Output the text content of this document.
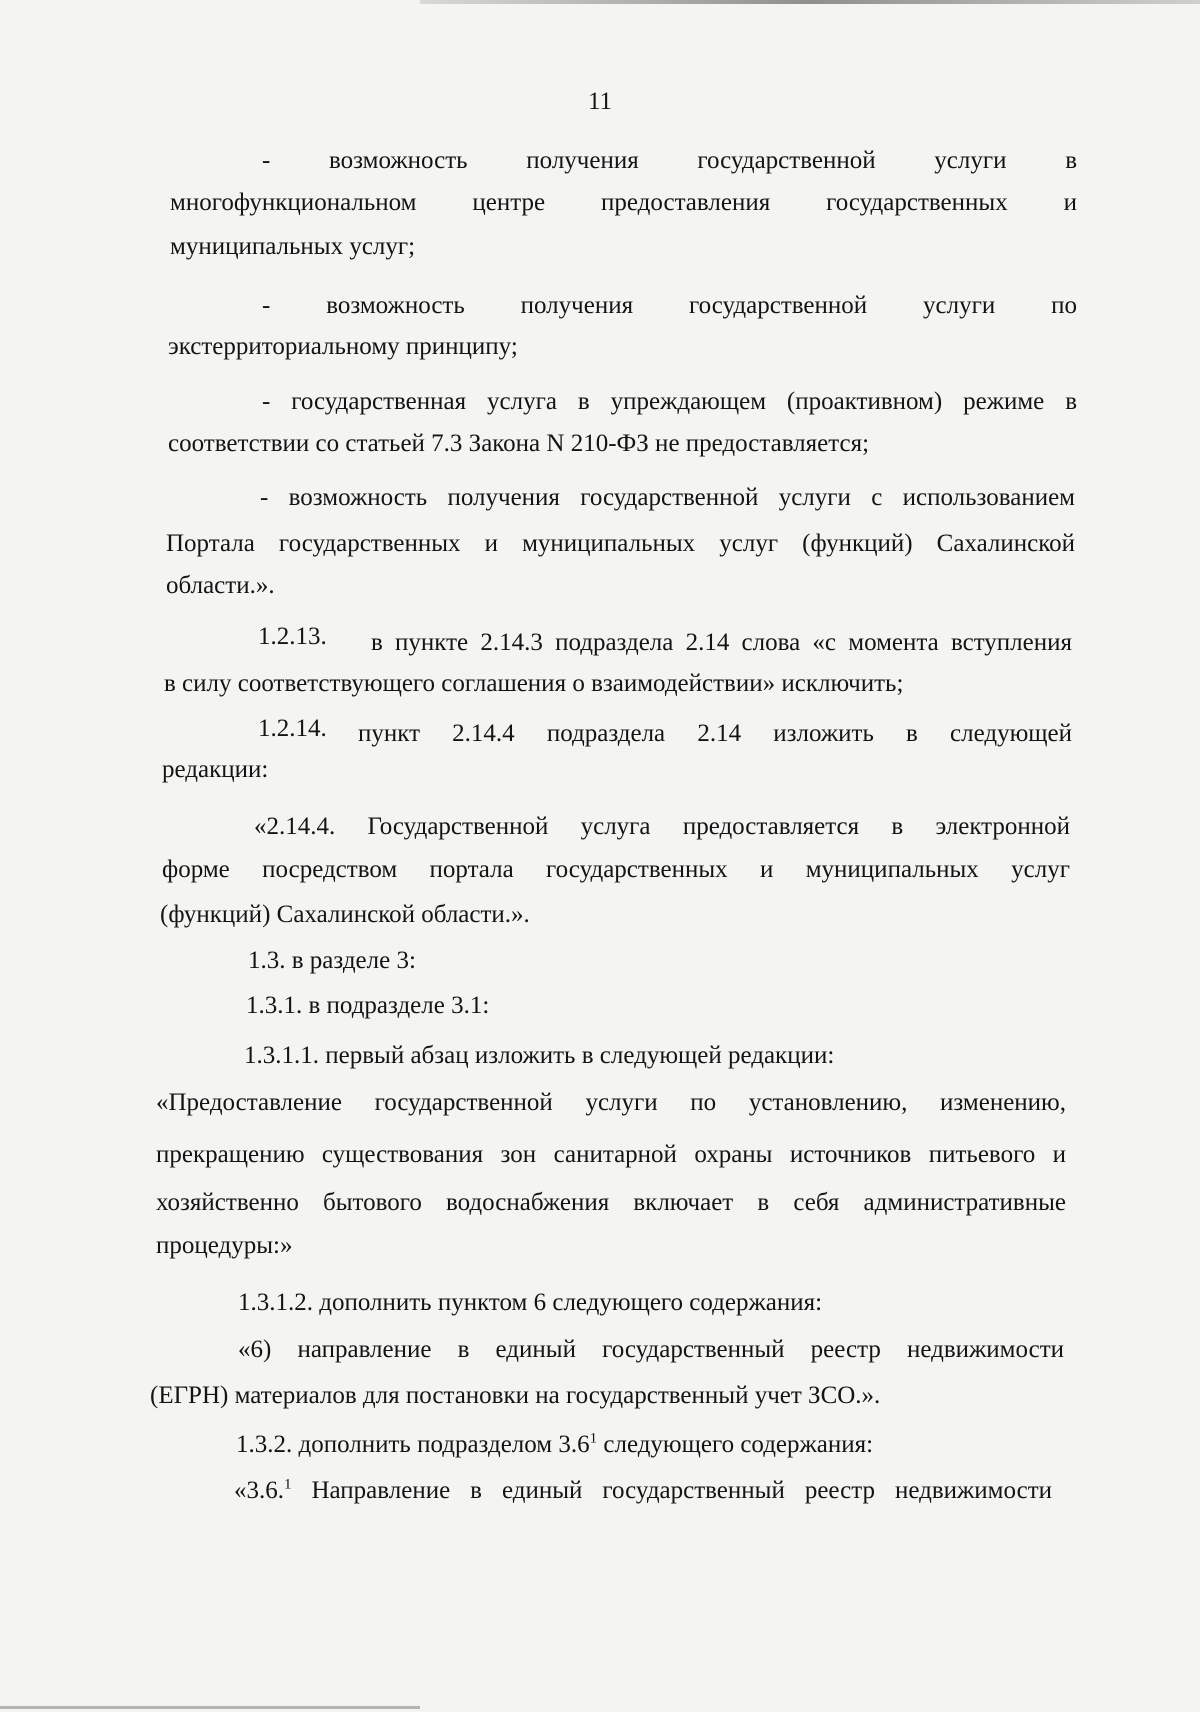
11

- возможность получения государственной услуги в

многофункциональном центре предоставления государственных и

муниципальных услуг;

- возможность получения государственной услуги по

экстерриториальному принципу;

- государственная услуга в упреждающем (проактивном) режиме в

соответствии со статьей 7.3 Закона N 210-ФЗ не предоставляется;

- возможность получения государственной услуги с использованием

Портала государственных и муниципальных услуг (функций) Сахалинской

области.».

1.2.13. в пункте 2.14.3 подраздела 2.14 слова «с момента вступления

в силу соответствующего соглашения о взаимодействии» исключить;

1.2.14. пункт 2.14.4 подраздела 2.14 изложить в следующей

редакции:

«2.14.4. Государственной услуга предоставляется в электронной

форме посредством портала государственных и муниципальных услуг

(функций) Сахалинской области.».

1.3. в разделе 3:

1.3.1. в подразделе 3.1:

1.3.1.1. первый абзац изложить в следующей редакции:

«Предоставление государственной услуги по установлению, изменению,

прекращению существования зон санитарной охраны источников питьевого и

хозяйственно бытового водоснабжения включает в себя административные

процедуры:»

1.3.1.2. дополнить пунктом 6 следующего содержания:

«6) направление в единый государственный реестр недвижимости

(ЕГРН) материалов для постановки на государственный учет ЗСО.».

1.3.2. дополнить подразделом $3.6^1$ следующего содержания:

«3.6.$^1$ Направление в единый государственный реестр недвижимости
